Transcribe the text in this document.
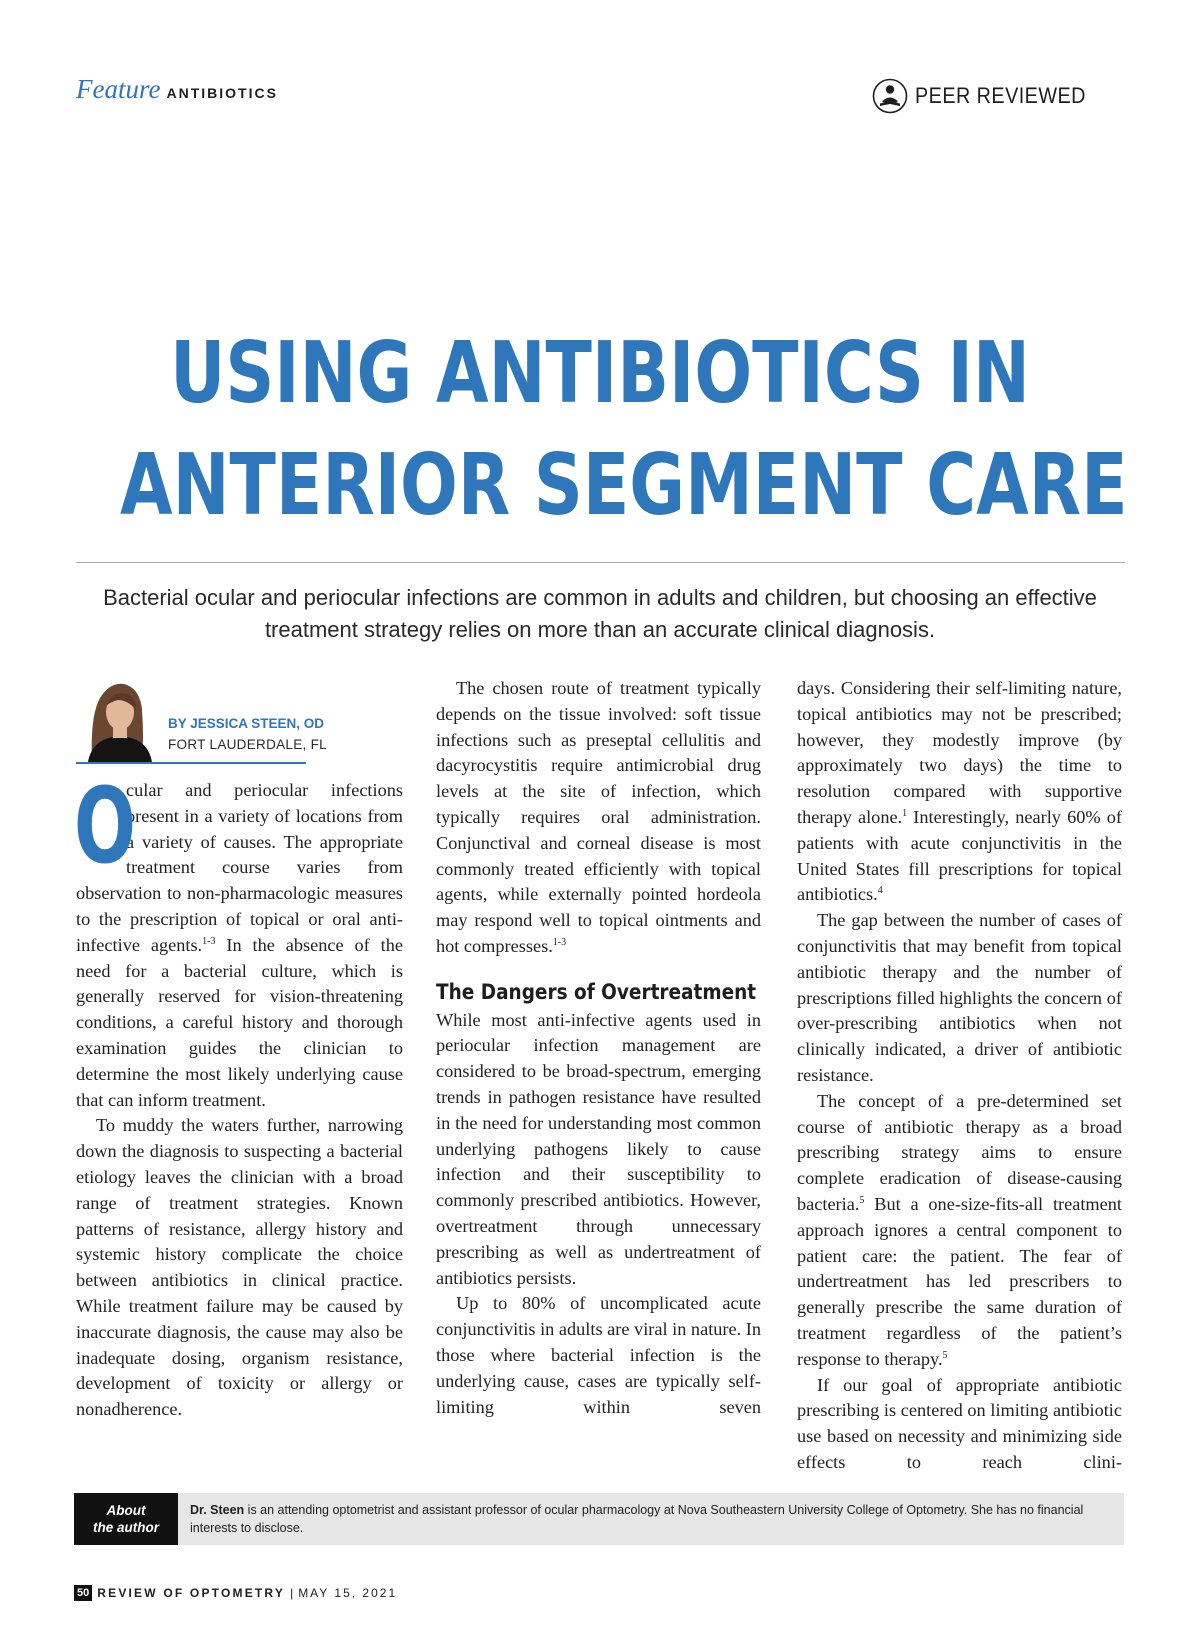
Feature ANTIBIOTICS	PEER REVIEWED
USING ANTIBIOTICS IN
ANTERIOR SEGMENT CARE
Bacterial ocular and periocular infections are common in adults and children, but choosing an effective
treatment strategy relies on more than an accurate clinical diagnosis.
BY JESSICA STEEN, OD
FORT LAUDERDALE, FL

O
cular and periocular infections present in a variety of locations from a variety of causes. The appropriate treatment course varies from observation to non-pharmacologic measures to the prescription of topical or oral anti-infective agents.$^{1-3}$ In the absence of the need for a bacterial culture, which is generally reserved for vision-threatening conditions, a careful history and thorough examination guides the clinician to determine the most likely underlying cause that can inform treatment.

To muddy the waters further, narrowing down the diagnosis to suspecting a bacterial etiology leaves the clinician with a broad range of treatment strategies. Known patterns of resistance, allergy history and systemic history complicate the choice between antibiotics in clinical practice. While treatment failure may be caused by inaccurate diagnosis, the cause may also be inadequate dosing, organism resistance, development of toxicity or allergy or nonadherence.

The chosen route of treatment typically depends on the tissue involved: soft tissue infections such as preseptal cellulitis and dacyrocystitis require antimicrobial drug levels at the site of infection, which typically requires oral administration. Conjunctival and corneal disease is most commonly treated efficiently with topical agents, while externally pointed hordeola may respond well to topical ointments and hot compresses.$^{1-3}$

The Dangers of Overtreatment

While most anti-infective agents used in periocular infection management are considered to be broad-spectrum, emerging trends in pathogen resistance have resulted in the need for understanding most common underlying pathogens likely to cause infection and their susceptibility to commonly prescribed antibiotics. However, overtreatment through unnecessary prescribing as well as undertreatment of antibiotics persists.

Up to 80% of uncomplicated acute conjunctivitis in adults are viral in nature. In those where bacterial infection is the underlying cause, cases are typically self-limiting within seven

days. Considering their self-limiting nature, topical antibiotics may not be prescribed; however, they modestly improve (by approximately two days) the time to resolution compared with supportive therapy alone.$^1$ Interestingly, nearly 60% of patients with acute conjunctivitis in the United States fill prescriptions for topical antibiotics.$^4$

The gap between the number of cases of conjunctivitis that may benefit from topical antibiotic therapy and the number of prescriptions filled highlights the concern of over-prescribing antibiotics when not clinically indicated, a driver of antibiotic resistance.

The concept of a pre-determined set course of antibiotic therapy as a broad prescribing strategy aims to ensure complete eradication of disease-causing bacteria.$^5$ But a one-size-fits-all treatment approach ignores a central component to patient care: the patient. The fear of undertreatment has led prescribers to generally prescribe the same duration of treatment regardless of the patient’s response to therapy.$^5$

If our goal of appropriate antibiotic prescribing is centered on limiting antibiotic use based on necessity and minimizing side effects to reach clini-

About
the author
Dr. Steen is an attending optometrist and assistant professor of ocular pharmacology at Nova Southeastern University College of Optometry. She has no financial interests to disclose.
50 REVIEW OF OPTOMETRY | MAY 15, 2021
